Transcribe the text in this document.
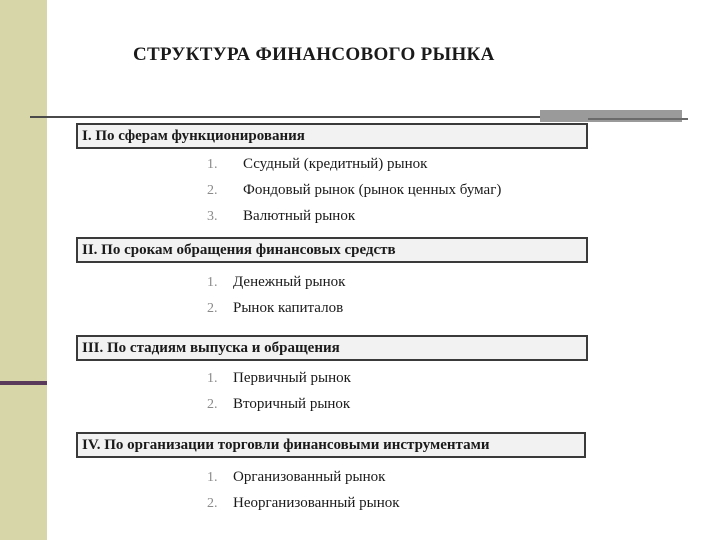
СТРУКТУРА ФИНАНСОВОГО РЫНКА
I. По сферам функционирования
1. Ссудный (кредитный) рынок
2. Фондовый рынок (рынок ценных бумаг)
3. Валютный рынок
II. По срокам обращения финансовых средств
1. Денежный рынок
2. Рынок капиталов
III. По стадиям выпуска и обращения
1. Первичный рынок
2. Вторичный рынок
IV. По организации торговли финансовыми инструментами
1. Организованный рынок
2. Неорганизованный рынок
